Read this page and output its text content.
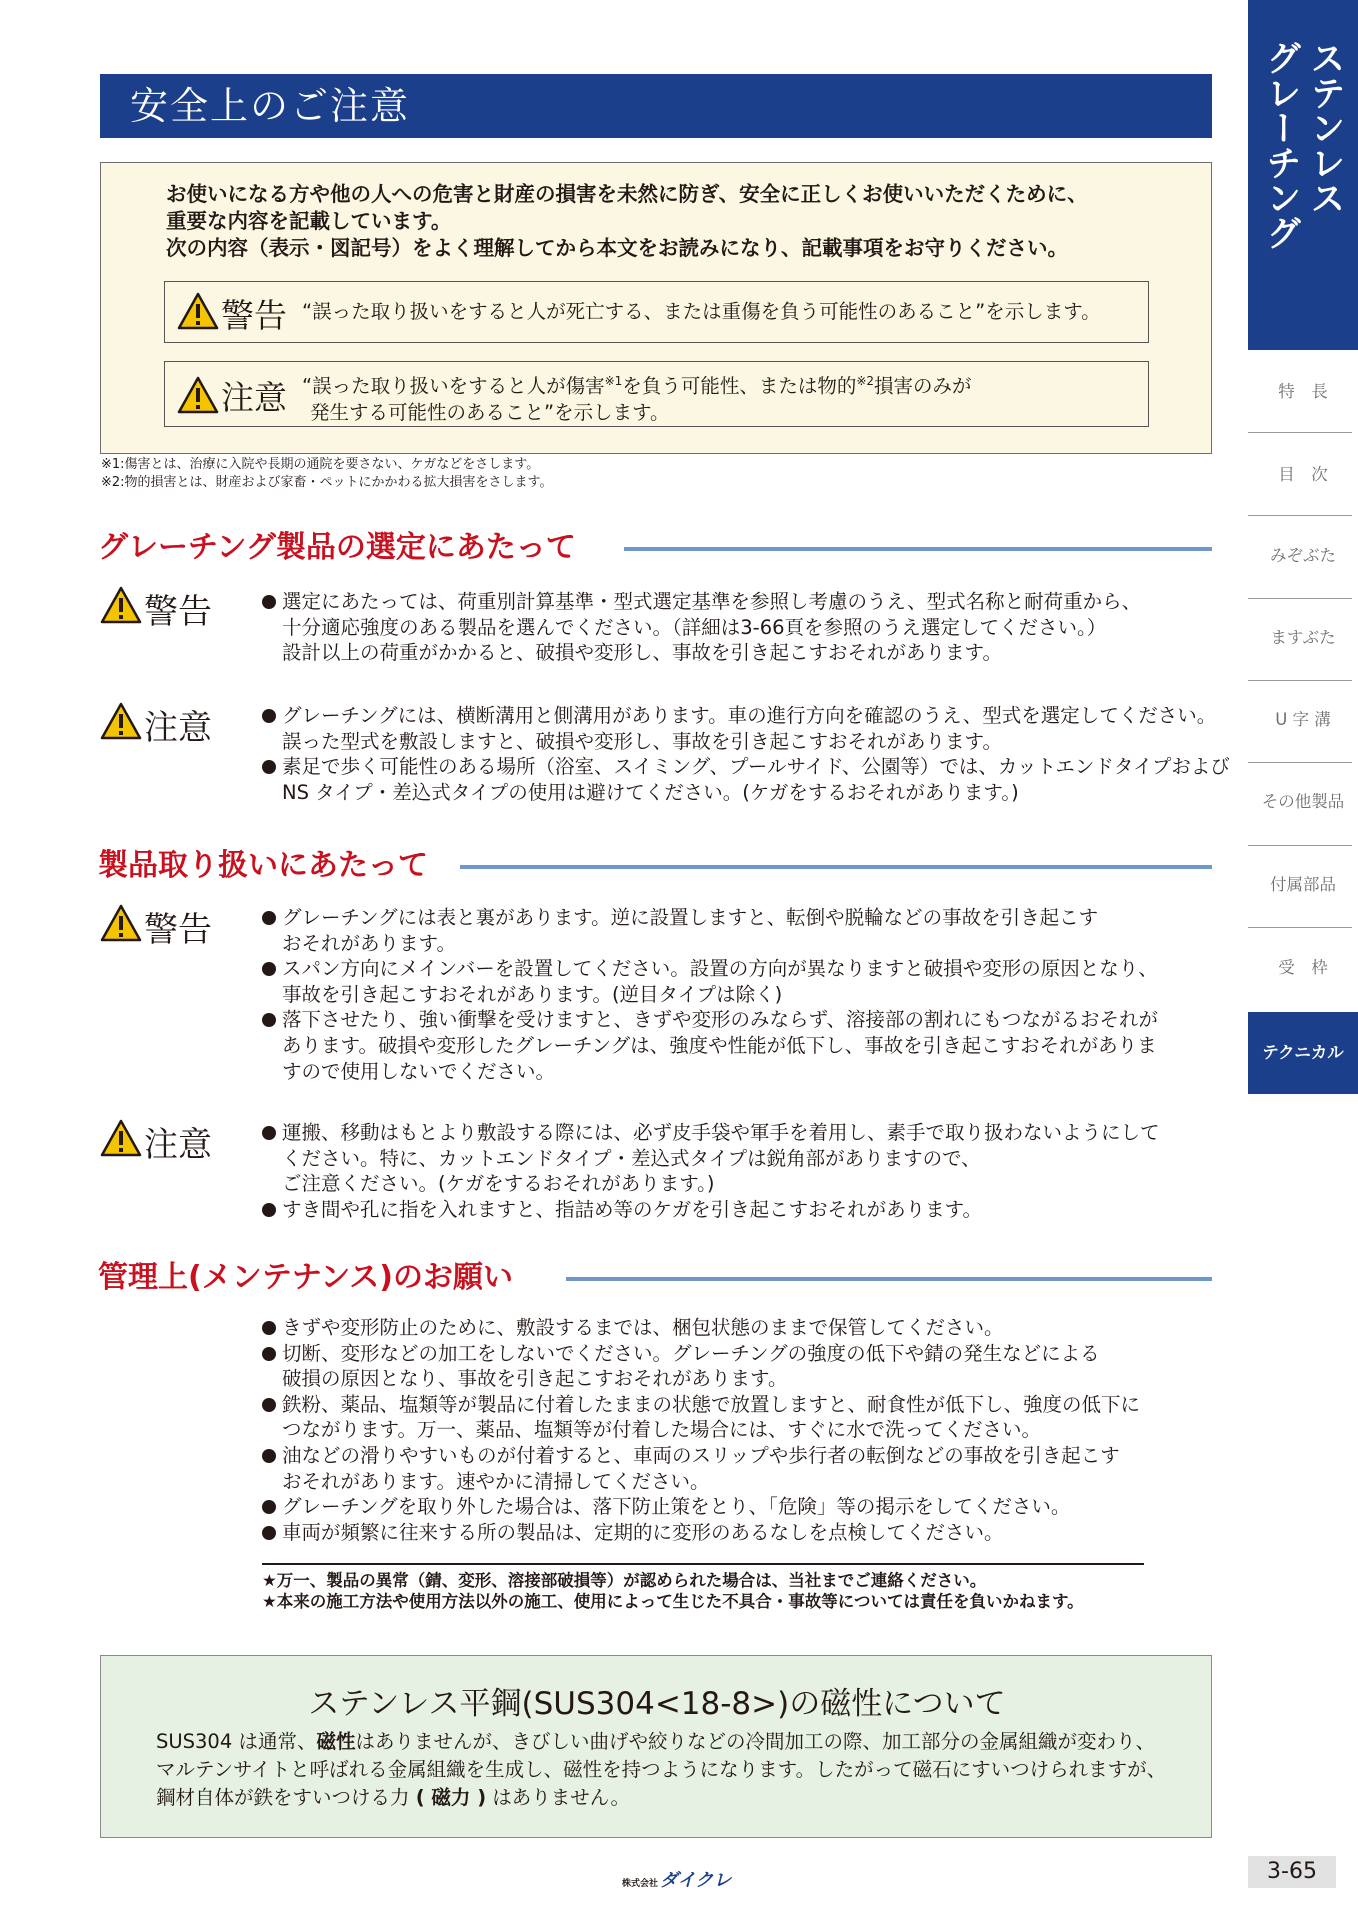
安全上のご注意
お使いになる方や他の人への危害と財産の損害を未然に防ぎ、安全に正しくお使いいただくために、
重要な内容を記載しています。
次の内容（表示・図記号）をよく理解してから本文をお読みになり、記載事項をお守りください。
警告 “誤った取り扱いをすると人が死亡する、または重傷を負う可能性のあること”を示します。
注意 “誤った取り扱いをすると人が傷害$^{※1}$を負う可能性、または物的$^{※2}$損害のみが
発生する可能性のあること”を示します。
※1:傷害とは、治療に入院や長期の通院を要さない、ケガなどをさします。
※2:物的損害とは、財産および家畜・ペットにかかわる拡大損害をさします。
グレーチング製品の選定にあたって
警告	選定にあたっては、荷重別計算基準・型式選定基準を参照し考慮のうえ、型式名称と耐荷重から、
十分適応強度のある製品を選んでください。（詳細は3-66頁を参照のうえ選定してください。）
設計以上の荷重がかかると、破損や変形し、事故を引き起こすおそれがあります。
注意	グレーチングには、横断溝用と側溝用があります。車の進行方向を確認のうえ、型式を選定してください。
誤った型式を敷設しますと、破損や変形し、事故を引き起こすおそれがあります。
素足で歩く可能性のある場所（浴室、スイミング、プールサイド、公園等）では、カットエンドタイプおよび
NS タイプ・差込式タイプの使用は避けてください。(ケガをするおそれがあります。)
製品取り扱いにあたって
警告	グレーチングには表と裏があります。逆に設置しますと、転倒や脱輪などの事故を引き起こす
おそれがあります。
スパン方向にメインバーを設置してください。設置の方向が異なりますと破損や変形の原因となり、
事故を引き起こすおそれがあります。(逆目タイプは除く)
落下させたり、強い衝撃を受けますと、きずや変形のみならず、溶接部の割れにもつながるおそれが
あります。破損や変形したグレーチングは、強度や性能が低下し、事故を引き起こすおそれがありま
すので使用しないでください。
注意	運搬、移動はもとより敷設する際には、必ず皮手袋や軍手を着用し、素手で取り扱わないようにして
ください。特に、カットエンドタイプ・差込式タイプは鋭角部がありますので、
ご注意ください。(ケガをするおそれがあります。)
すき間や孔に指を入れますと、指詰め等のケガを引き起こすおそれがあります。
管理上(メンテナンス)のお願い
きずや変形防止のために、敷設するまでは、梱包状態のままで保管してください。
切断、変形などの加工をしないでください。グレーチングの強度の低下や錆の発生などによる
破損の原因となり、事故を引き起こすおそれがあります。
鉄粉、薬品、塩類等が製品に付着したままの状態で放置しますと、耐食性が低下し、強度の低下に
つながります。万一、薬品、塩類等が付着した場合には、すぐに水で洗ってください。
油などの滑りやすいものが付着すると、車両のスリップや歩行者の転倒などの事故を引き起こす
おそれがあります。速やかに清掃してください。
グレーチングを取り外した場合は、落下防止策をとり、「危険」等の掲示をしてください。
車両が頻繁に往来する所の製品は、定期的に変形のあるなしを点検してください。
★万一、製品の異常（錆、変形、溶接部破損等）が認められた場合は、当社までご連絡ください。
★本来の施工方法や使用方法以外の施工、使用によって生じた不具合・事故等については責任を負いかねます。
ステンレス平鋼(SUS304<18-8>)の磁性について
SUS304 は通常、磁性はありませんが、きびしい曲げや絞りなどの冷間加工の際、加工部分の金属組織が変わり、
マルテンサイトと呼ばれる金属組織を生成し、磁性を持つようになります。したがって磁石にすいつけられますが、
鋼材自体が鉄をすいつける力 ( 磁力 ) はありません。
株式会社 ダイクレ	3-65
ステンレス
グレーチング
特　長
目　次
みぞぶた
ますぶた
U 字 溝
その他製品
付属部品
受　枠
テクニカル
